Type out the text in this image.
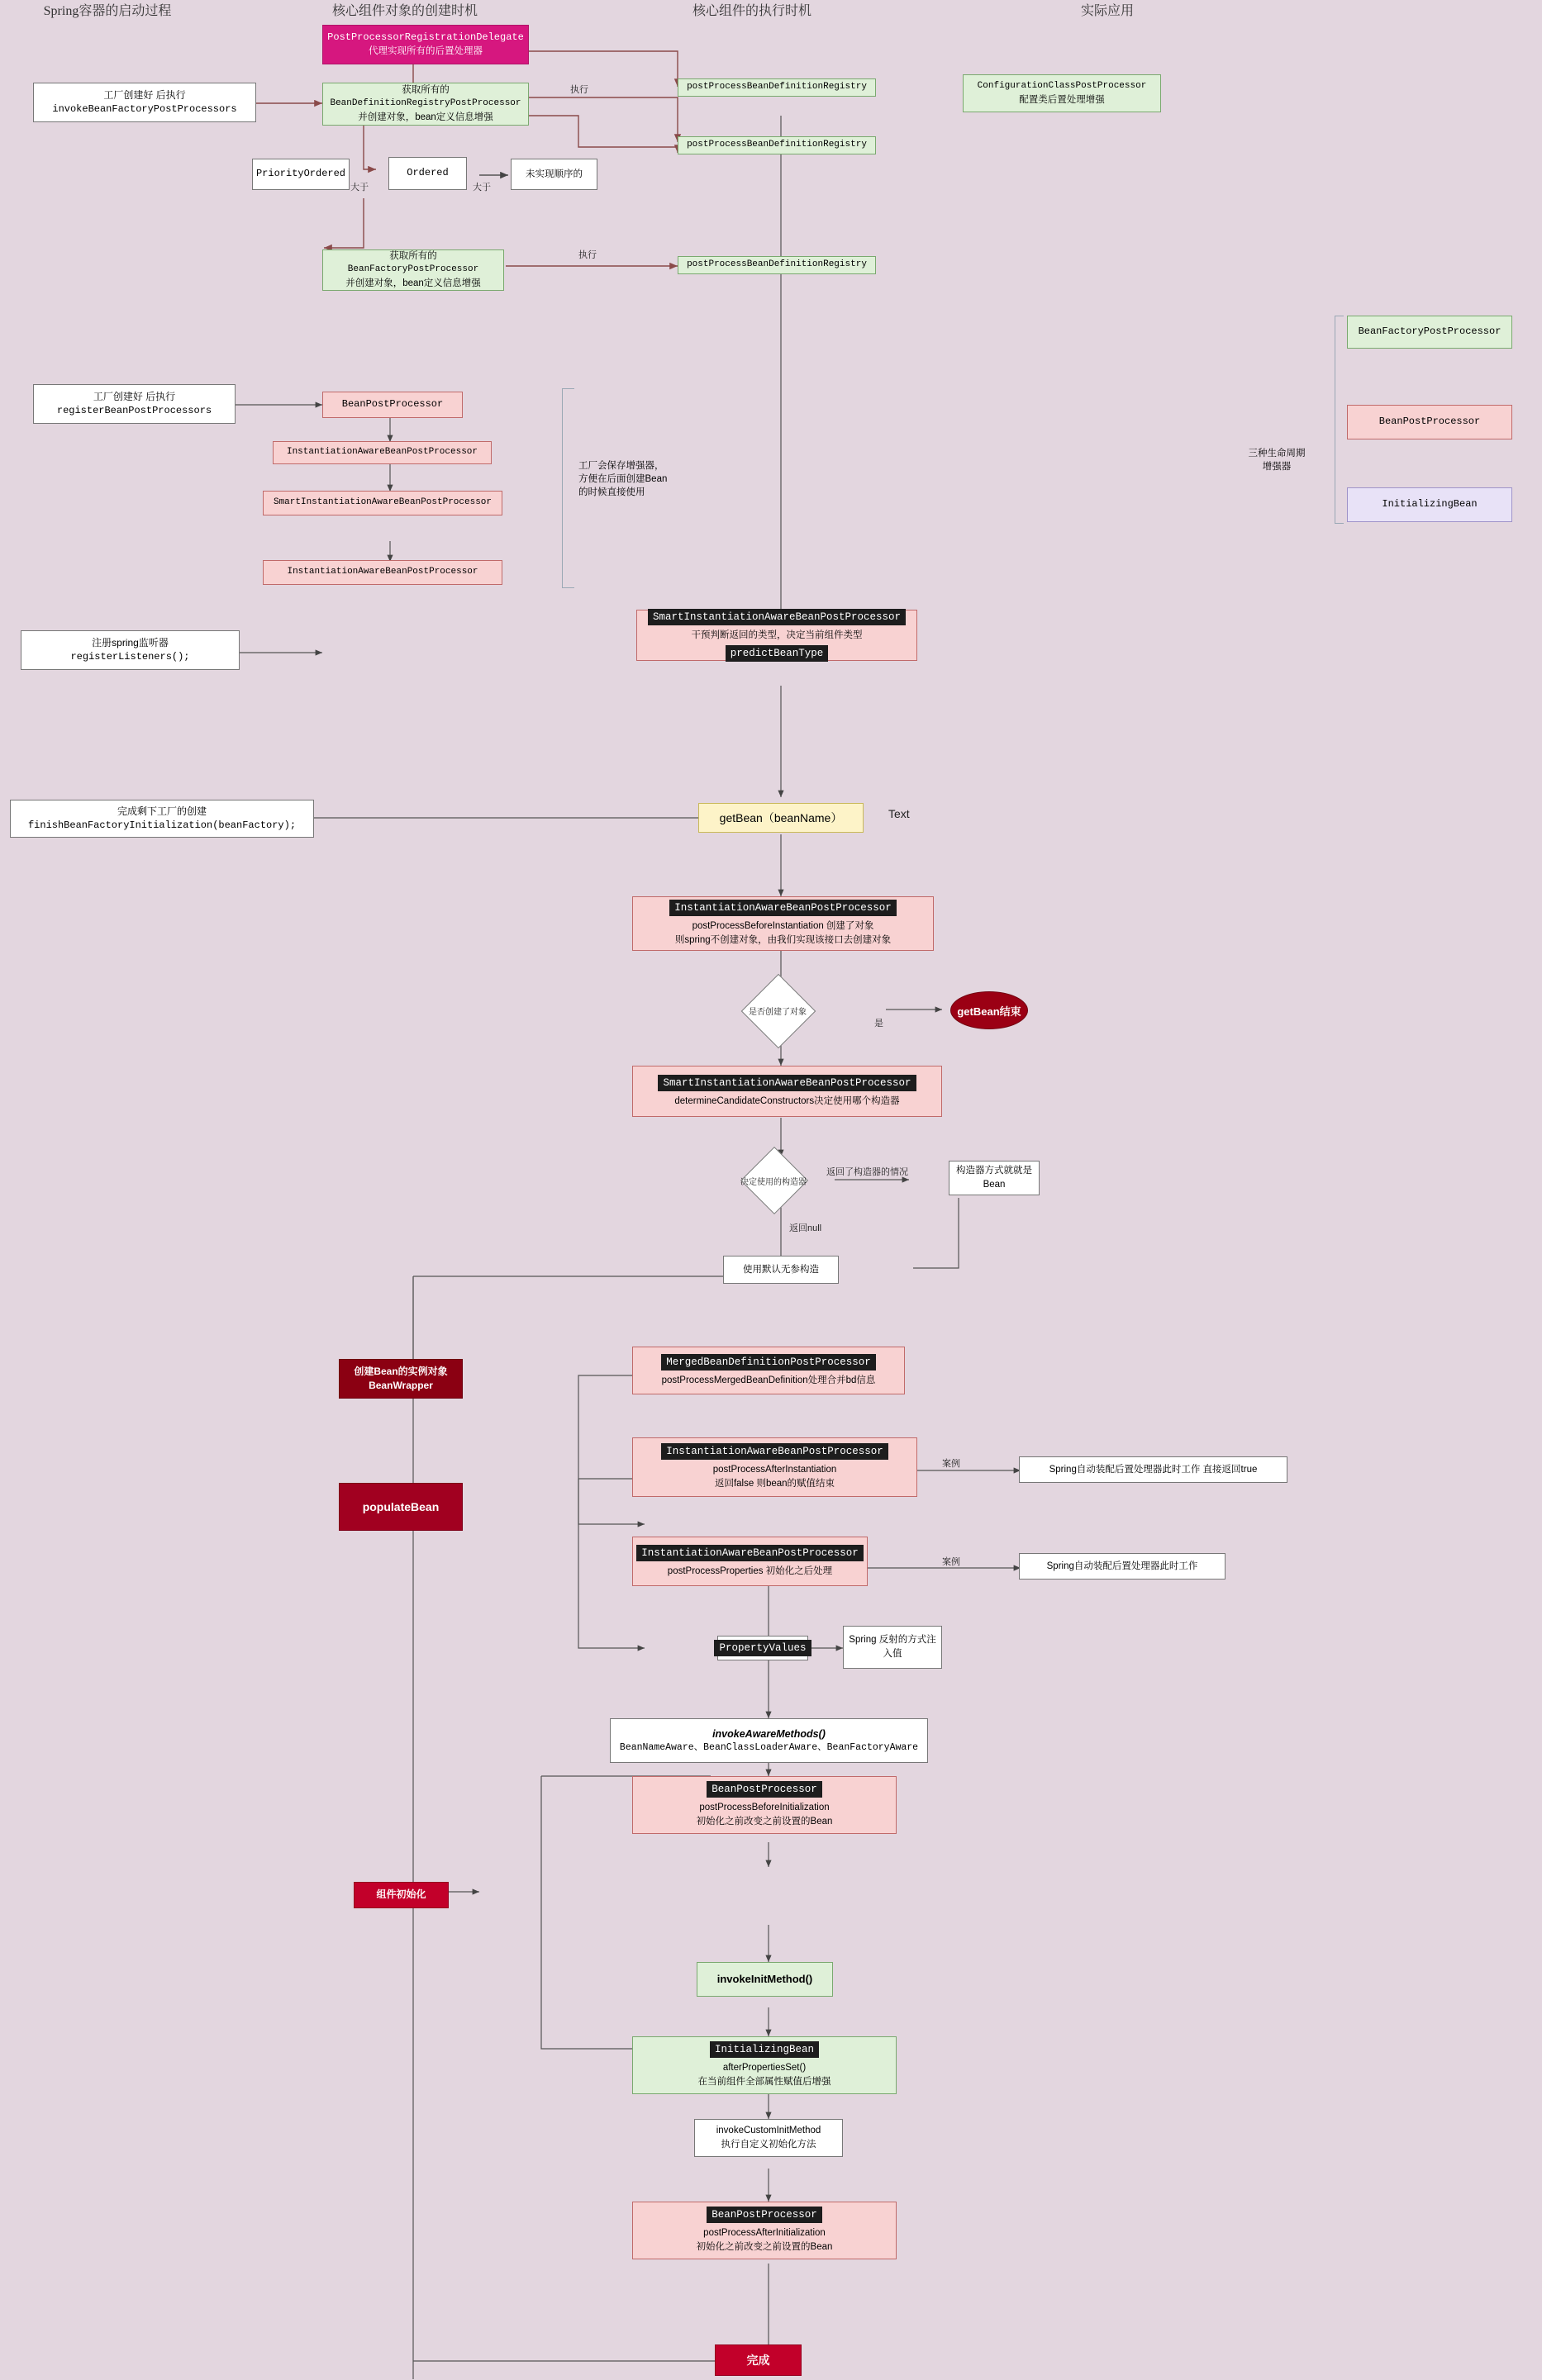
Spring容器的启动过程	核心组件对象的创建时机	核心组件的执行时机	实际应用
工厂创建好 后执行
invokeBeanFactoryPostProcessors
PostProcessorRegistrationDelegate
代理实现所有的后置处理器
获取所有的
BeanDefinitionRegistryPostProcessor
并创建对象，bean定义信息增强
PriorityOrdered
大于
Ordered
大于
未实现顺序的
获取所有的
BeanFactoryPostProcessor
并创建对象，bean定义信息增强
执行
执行
postProcessBeanDefinitionRegistry
postProcessBeanDefinitionRegistry
postProcessBeanDefinitionRegistry
ConfigurationClassPostProcessor
配置类后置处理增强
工厂创建好 后执行
registerBeanPostProcessors
BeanPostProcessor
InstantiationAwareBeanPostProcessor
SmartInstantiationAwareBeanPostProcessor
InstantiationAwareBeanPostProcessor
工厂会保存增强器，
方便在后面创建Bean
的时候直接使用
三种生命周期
增强器
BeanFactoryPostProcessor
BeanPostProcessor
InitializingBean
注册spring监听器
registerListeners();
SmartInstantiationAwareBeanPostProcessor
干预判断返回的类型，决定当前组件类型
predictBeanType
完成剩下工厂的创建
finishBeanFactoryInitialization(beanFactory);
getBean（beanName）	Text
InstantiationAwareBeanPostProcessor
postProcessBeforeInstantiation 创建了对象
则spring不创建对象，由我们实现该接口去创建对象
是否创建了对象
是
getBean结束
SmartInstantiationAwareBeanPostProcessor
determineCandidateConstructors决定使用哪个构造器
决定使用的构造器
返回了构造器的情况	构造器方式就就是Bean
返回null
使用默认无参构造
创建Bean的实例对象
BeanWrapper
MergedBeanDefinitionPostProcessor
postProcessMergedBeanDefinition处理合并bd信息
populateBean
InstantiationAwareBeanPostProcessor
postProcessAfterInstantiation
返回false 则bean的赋值结束
案例
Spring自动装配后置处理器此时工作 直接返回true
InstantiationAwareBeanPostProcessor
postProcessProperties 初始化之后处理
案例	Spring自动装配后置处理器此时工作
PropertyValues
Spring 反射的方式注
入值
invokeAwareMethods()
BeanNameAware、BeanClassLoaderAware、BeanFactoryAware
组件初始化
BeanPostProcessor
postProcessBeforeInitialization
初始化之前改变之前设置的Bean
invokeInitMethod()
InitializingBean
afterPropertiesSet()
在当前组件全部属性赋值后增强
invokeCustomInitMethod
执行自定义初始化方法
BeanPostProcessor
postProcessAfterInitialization
初始化之前改变之前设置的Bean
完成
